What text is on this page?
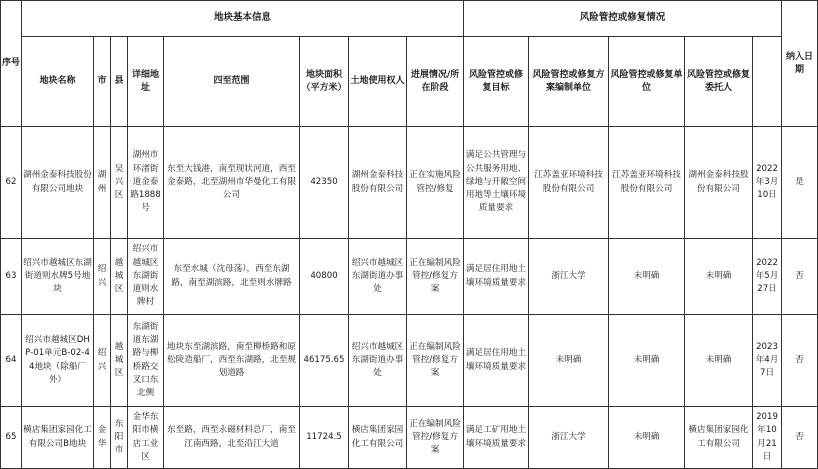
序号	地块基本信息								风险管控或修复情况					纳入日期	
	地块名称	市	县	详细地址	四至范围	地块面积（平方米）	土地使用权人	进展情况/所在阶段	风险管控或修复目标	风险管控或修复方案编制单位	风险管控或修复单位	风险管控或修复委托人			
62	湖州金泰科技股份有限公司地块	湖州	吴兴区	湖州市环渚街道金泰路1888号	东至大钱港，南至现状河道，西至金泰路，北至湖州市华曼化工有限公司	42350	湖州金泰科技股份有限公司	正在实施风险管控/修复	满足公共管理与公共服务用地、绿地与开敞空间用地等土壤环境质量要求	江苏盖亚环境科技股份有限公司	江苏盖亚环境科技股份有限公司	湖州金泰科技股份有限公司	2022年3月10日	是	
63	绍兴市越城区东湖街道则水牌5号地块	绍兴	越城区	绍兴市越城区东湖街道则水牌村	东至水城（沈母荡），西至东湖路，南至湖滨路，北至则水牌路	40800	绍兴市越城区东湖街道办事处	正在编制风险管控/修复方案	满足居住用地土壤环境质量要求	浙江大学	未明确	未明确	2022年5月27日	否	
64	绍兴市越城区DHP-01单元B-02-44地块（除船厂外）	绍兴	越城区	东湖街道东湖路与柳桥路交叉口东北侧	地块东至湖滨路，南至柳桥路和原松陵造船厂，西至东湖路，北至规划道路	46175.65	绍兴市越城区东湖街道办事处	正在编制风险管控/修复方案	满足居住用地土壤环境质量要求	未明确	未明确	未明确	2023年4月7日	否	
65	横店集团家园化工有限公司B地块	金华	东阳市	金华东阳市横店工业区	东至路，西至永磁材料总厂，南至江南西路，北至沿江大道	11724.5	横店集团家园化工有限公司	正在编制风险管控/修复方案	满足工矿用地土壤环境质量要求	浙江大学	未明确	横店集团家园化工有限公司	2019年10月21日	否	
